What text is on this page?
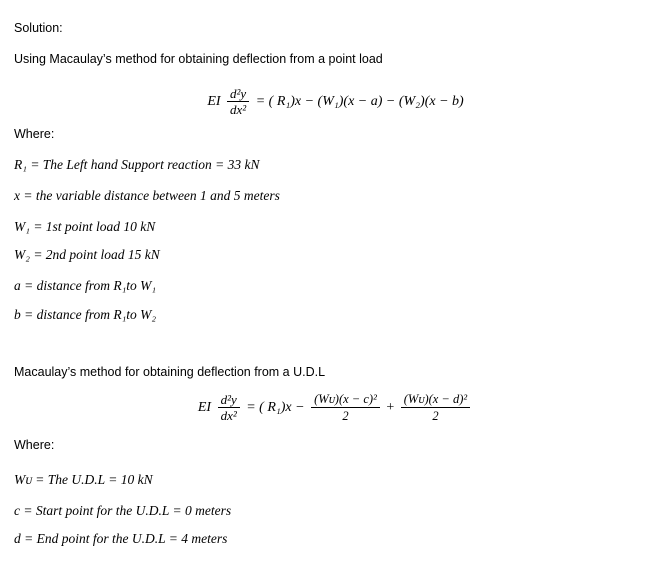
Solution:
Using Macaulay’s method for obtaining deflection from a point load
EI $\frac{\text{d²y}}{\text{dx²}}$ = ( R₁)x − (W₁)(x − a) − (W₂)(x − b)
Where:
R₁ = The Left hand Support reaction = 33 kN
x = the variable distance between 1 and 5 meters
W₁ = 1st point load 10 kN
W₂ = 2nd point load 15 kN
a = distance from R₁to W₁
b = distance from R₁to W₂
Macaulay’s method for obtaining deflection from a U.D.L
EI $\frac{\text{d²y}}{\text{dx²}}$ = ( $R_1)x - \frac{\text{(Wᴜ)(x − c)²}}{2} + \frac{\text{(Wᴜ)(x − d)²}}{2}$
Where:
Wᴜ = The U.D.L = 10 kN
c = Start point for the U.D.L = 0 meters
d = End point for the U.D.L = 4 meters
